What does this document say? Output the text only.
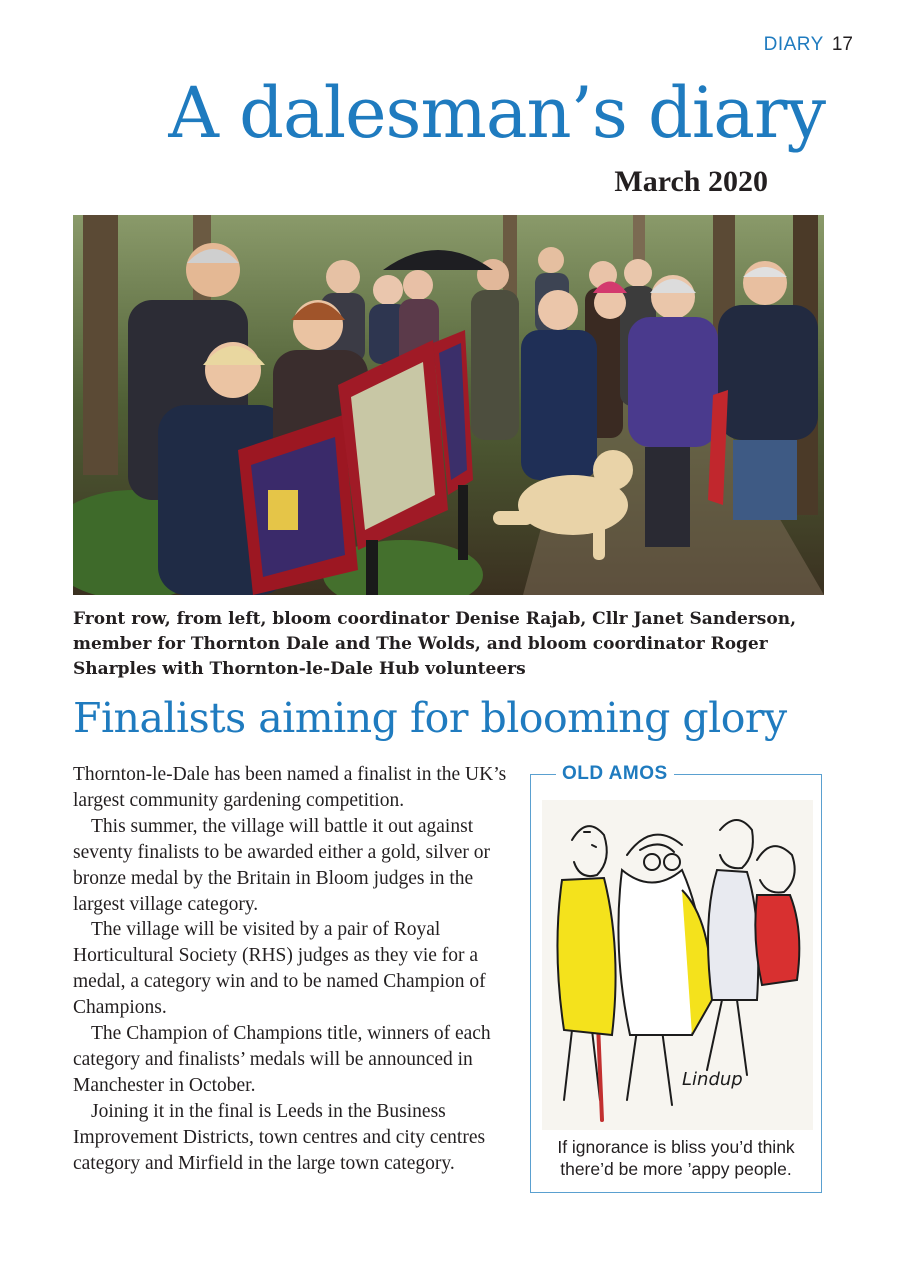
DIARY 17
A dalesman’s diary
March 2020
Front row, from left, bloom coordinator Denise Rajab, Cllr Janet Sanderson, member for Thornton Dale and The Wolds, and bloom coordinator Roger Sharples with Thornton-le-Dale Hub volunteers
Finalists aiming for blooming glory

Thornton-le-Dale has been named a finalist in the UK’s largest community gardening competition.

This summer, the village will battle it out against seventy finalists to be awarded either a gold, silver or bronze medal by the Britain in Bloom judges in the largest village category.

The village will be visited by a pair of Royal Horticultural Society (RHS) judges as they vie for a medal, a category win and to be named Champion of Champions.

The Champion of Champions title, winners of each category and finalists’ medals will be announced in Manchester in October.

Joining it in the final is Leeds in the Business Improvement Districts, town centres and city centres category and Mirfield in the large town category.

OLD AMOS
Lindup
If ignorance is bliss you’d think there’d be more ’appy people.
